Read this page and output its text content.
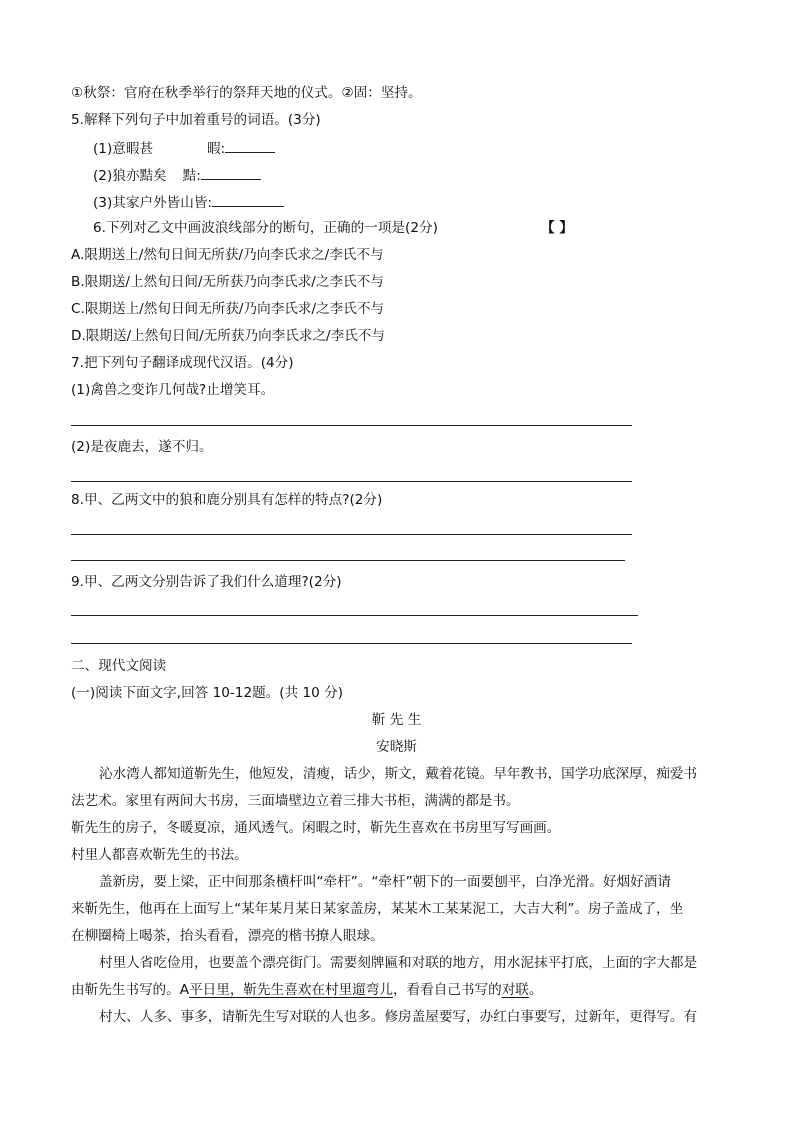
①秋祭：官府在秋季举行的祭拜天地的仪式。②固：坚持。
5.解释下列句子中加着重号的词语。(3分)
(1)意暇甚	暇:
(2)狼亦黠矣 黠:
(3)其家户外皆山皆:
6.下列对乙文中画波浪线部分的断句，正确的一项是(2分)	【 】
A.限期送上/然旬日间无所获/乃向李氏求之/李氏不与
B.限期送/上然旬日间/无所获乃向李氏求/之李氏不与
C.限期送上/然旬日间无所获/乃向李氏求/之李氏不与
D.限期送/上然旬日间/无所获乃向李氏求之/李氏不与
7.把下列句子翻译成现代汉语。(4分)
(1)禽兽之变诈几何哉?止增笑耳。
(2)是夜鹿去，遂不归。
8.甲、乙两文中的狼和鹿分别具有怎样的特点?(2分)
9.甲、乙两文分别告诉了我们什么道理?(2分)
二、现代文阅读
(一)阅读下面文字,回答 10-12题。(共 10 分)
靳 先 生
安晓斯
沁水湾人都知道靳先生，他短发，清瘦，话少，斯文，戴着花镜。早年教书，国学功底深厚，痴爱书
法艺术。家里有两间大书房，三面墙壁边立着三排大书柜，满满的都是书。
靳先生的房子，冬暖夏凉，通风透气。闲暇之时，靳先生喜欢在书房里写写画画。
村里人都喜欢靳先生的书法。
盖新房，要上梁，正中间那条横杆叫“牵杆”。“牵杆”朝下的一面要刨平，白净光滑。好烟好酒请
来靳先生，他再在上面写上“某年某月某日某家盖房，某某木工某某泥工，大吉大利”。房子盖成了，坐
在柳圈椅上喝茶，抬头看看，漂亮的楷书撩人眼球。
村里人省吃俭用，也要盖个漂亮街门。需要刻牌匾和对联的地方，用水泥抹平打底，上面的字大都是
由靳先生书写的。A平日里，靳先生喜欢在村里遛弯儿，看看自己书写的对联。
村大、人多、事多，请靳先生写对联的人也多。修房盖屋要写，办红白事要写，过新年，更得写。有
